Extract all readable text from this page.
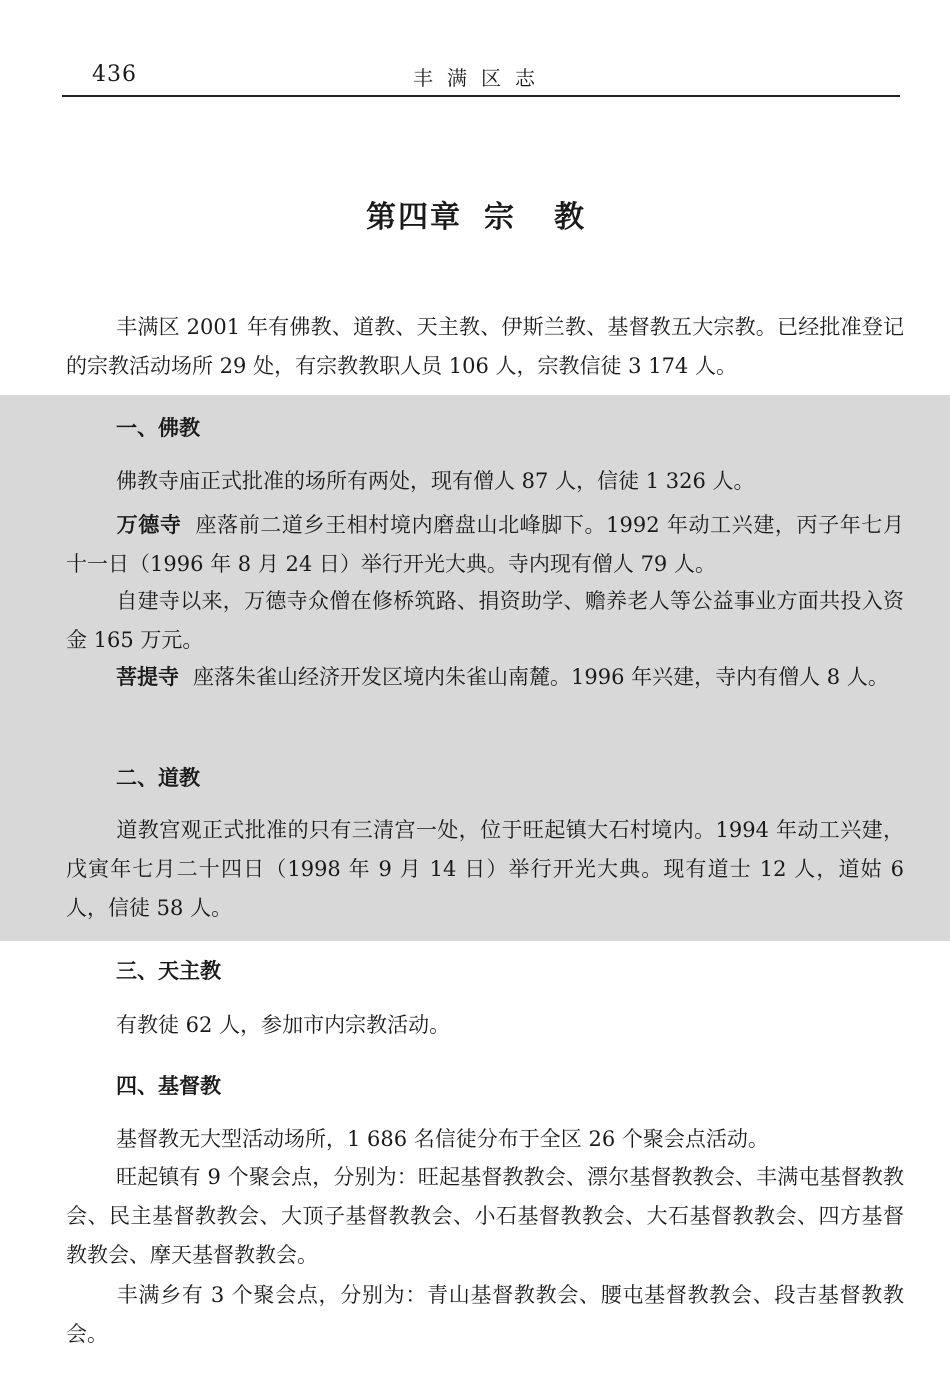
436	丰满区志
第四章 宗教
丰满区 2001 年有佛教、道教、天主教、伊斯兰教、基督教五大宗教。已经批准登记的宗教活动场所 29 处，有宗教教职人员 106 人，宗教信徒 3 174 人。
一、佛教
佛教寺庙正式批准的场所有两处，现有僧人 87 人，信徒 1 326 人。
万德寺 座落前二道乡王相村境内磨盘山北峰脚下。1992 年动工兴建，丙子年七月十一日（1996 年 8 月 24 日）举行开光大典。寺内现有僧人 79 人。
自建寺以来，万德寺众僧在修桥筑路、捐资助学、赡养老人等公益事业方面共投入资金 165 万元。
菩提寺 座落朱雀山经济开发区境内朱雀山南麓。1996 年兴建，寺内有僧人 8 人。
二、道教
道教宫观正式批准的只有三清宫一处，位于旺起镇大石村境内。1994 年动工兴建，戊寅年七月二十四日（1998 年 9 月 14 日）举行开光大典。现有道士 12 人，道姑 6 人，信徒 58 人。
三、天主教
有教徒 62 人，参加市内宗教活动。
四、基督教
基督教无大型活动场所，1 686 名信徒分布于全区 26 个聚会点活动。
旺起镇有 9 个聚会点，分别为：旺起基督教教会、漂尔基督教教会、丰满屯基督教教会、民主基督教教会、大顶子基督教教会、小石基督教教会、大石基督教教会、四方基督教教会、摩天基督教教会。
丰满乡有 3 个聚会点，分别为：青山基督教教会、腰屯基督教教会、段吉基督教教会。
